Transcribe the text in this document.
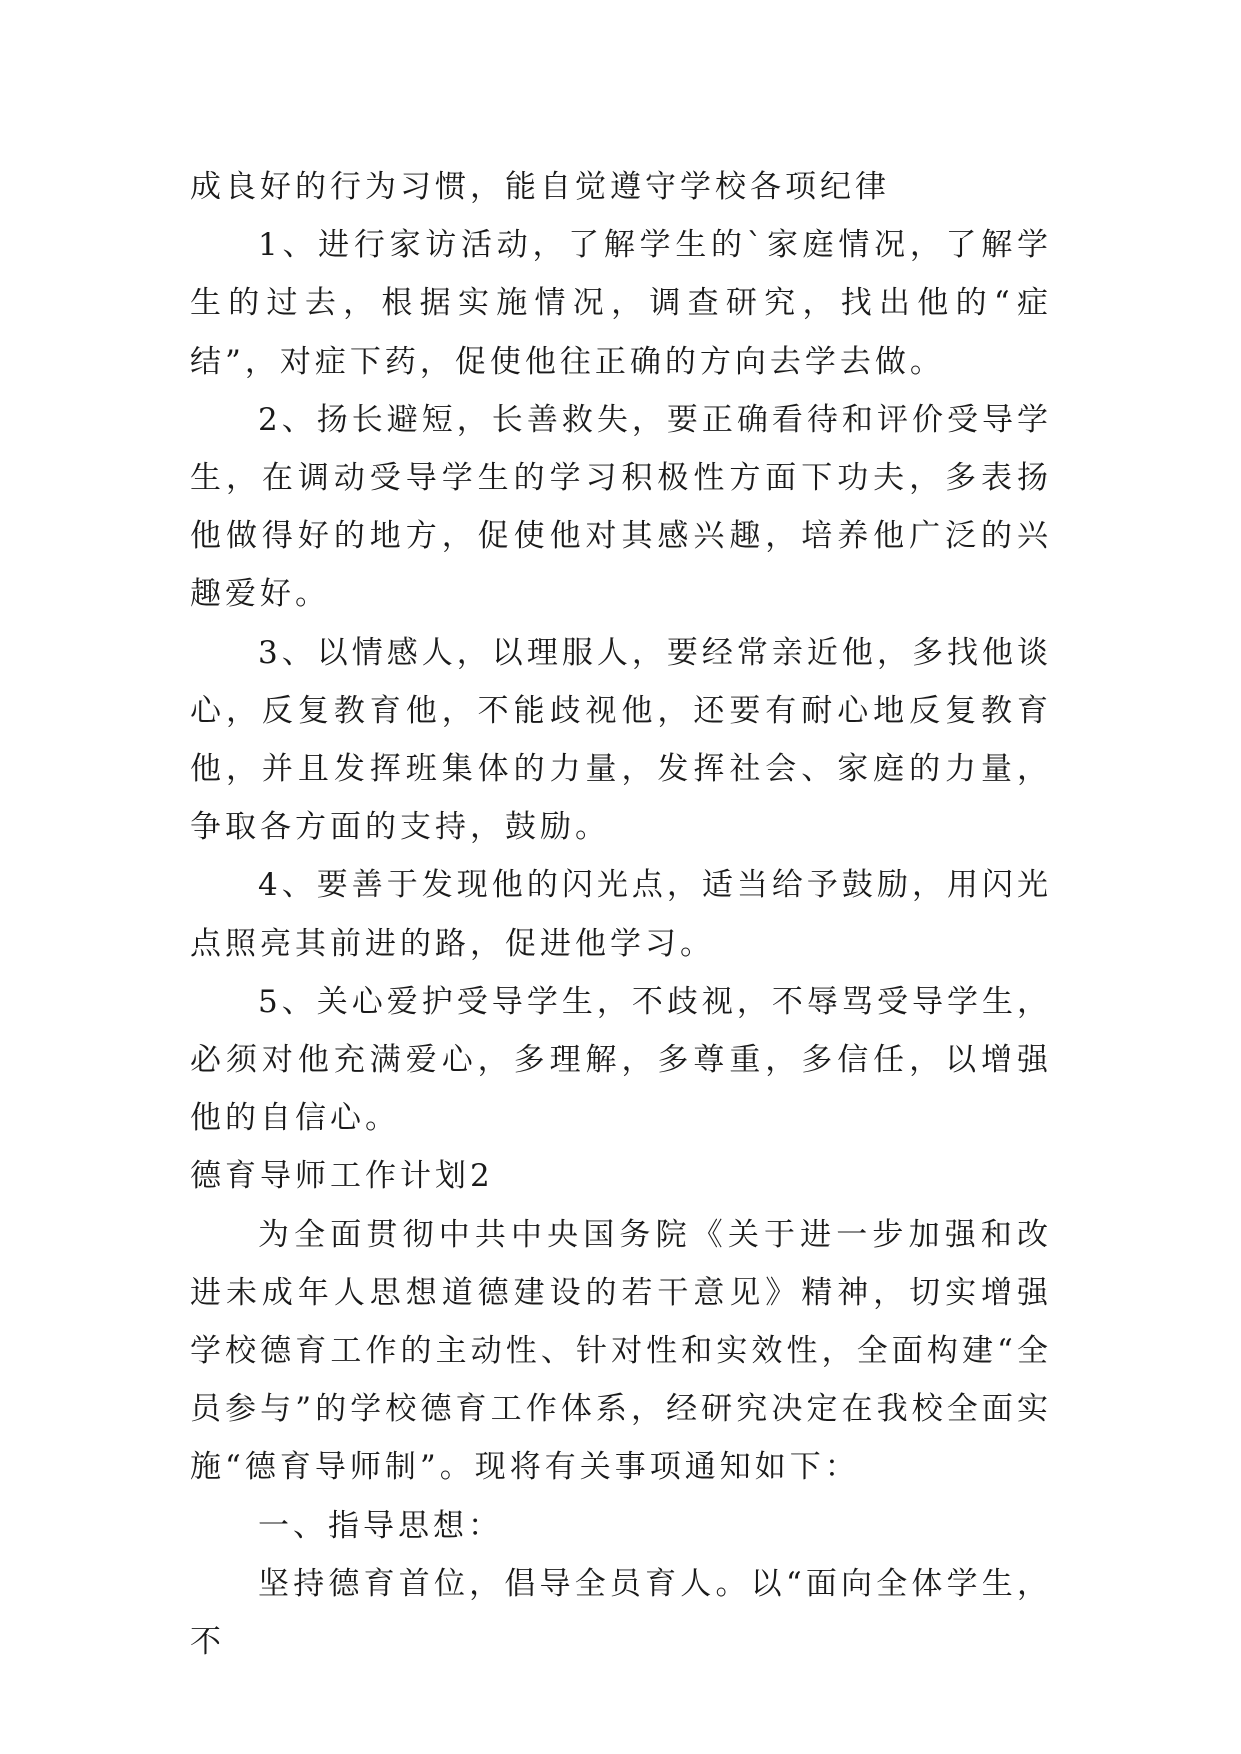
成良好的行为习惯，能自觉遵守学校各项纪律

1、进行家访活动，了解学生的`家庭情况，了解学生的过去，根据实施情况，调查研究，找出他的“症结”，对症下药，促使他往正确的方向去学去做。

2、扬长避短，长善救失，要正确看待和评价受导学生，在调动受导学生的学习积极性方面下功夫，多表扬他做得好的地方，促使他对其感兴趣，培养他广泛的兴趣爱好。

3、以情感人，以理服人，要经常亲近他，多找他谈心，反复教育他，不能歧视他，还要有耐心地反复教育他，并且发挥班集体的力量，发挥社会、家庭的力量，争取各方面的支持，鼓励。

4、要善于发现他的闪光点，适当给予鼓励，用闪光点照亮其前进的路，促进他学习。

5、关心爱护受导学生，不歧视，不辱骂受导学生，必须对他充满爱心，多理解，多尊重，多信任，以增强他的自信心。

德育导师工作计划2

为全面贯彻中共中央国务院《关于进一步加强和改进未成年人思想道德建设的若干意见》精神，切实增强学校德育工作的主动性、针对性和实效性，全面构建“全员参与”的学校德育工作体系，经研究决定在我校全面实施“德育导师制”。现将有关事项通知如下：

一、指导思想：

坚持德育首位，倡导全员育人。以“面向全体学生，不
